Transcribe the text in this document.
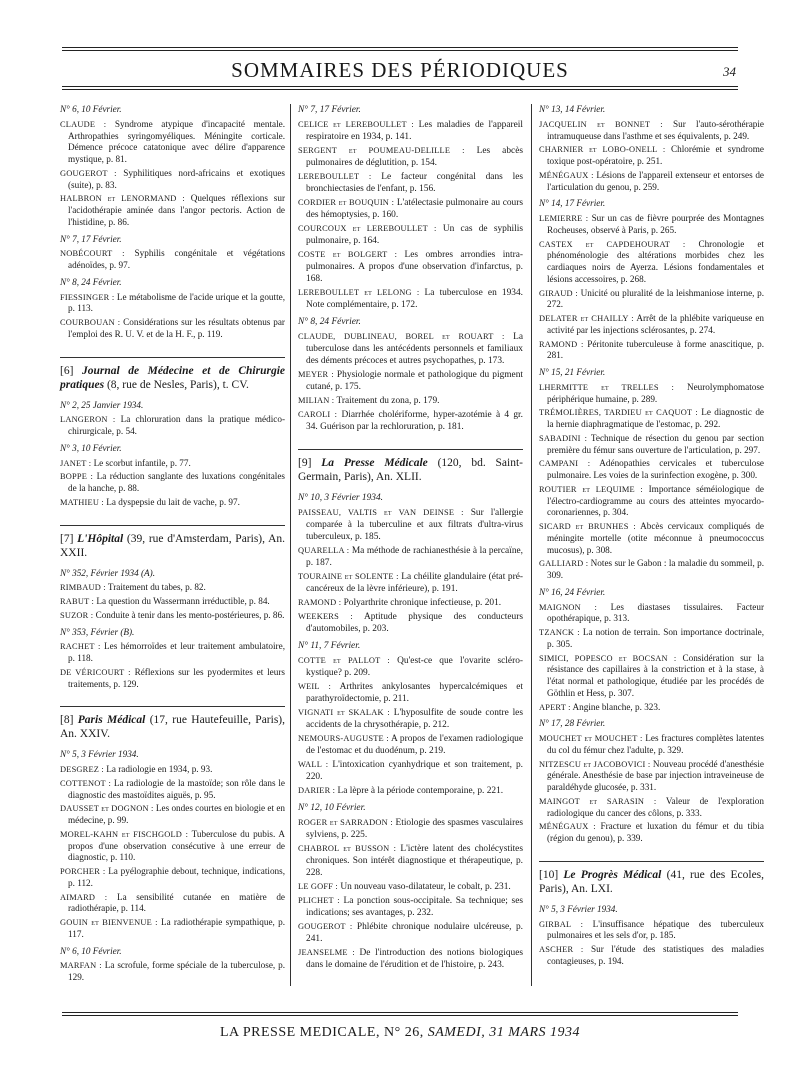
SOMMAIRES DES PÉRIODIQUES	34
N° 6, 10 Février.
CLAUDE : Syndrome atypique d'incapacité mentale. Arthropathies syringomyéliques. Méningite corticale. Démence précoce catatonique avec délire d'apparence mystique, p. 81.
GOUGEROT : Syphilitiques nord-africains et exotiques (suite), p. 83.
HALBRON et LENORMAND : Quelques réflexions sur l'acidothérapie aminée dans l'angor pectoris. Action de l'histidine, p. 86.
N° 7, 17 Février.
NOBÉCOURT : Syphilis congénitale et végétations adénoïdes, p. 97.
N° 8, 24 Février.
FIESSINGER : Le métabolisme de l'acide urique et la goutte, p. 113.
COURBOUAN : Considérations sur les résultats obtenus par l'emploi des R. U. V. et de la H. F., p. 119.
[6] Journal de Médecine et de Chirurgie pratiques (8, rue de Nesles, Paris), t. CV.
N° 2, 25 Janvier 1934.
LANGERON : La chloruration dans la pratique médico-chirurgicale, p. 54.
N° 3, 10 Février.
JANET : Le scorbut infantile, p. 77.
BOPPE : La réduction sanglante des luxations congénitales de la hanche, p. 88.
MATHIEU : La dyspepsie du lait de vache, p. 97.
[7] L'Hôpital (39, rue d'Amsterdam, Paris), An. XXII.
N° 352, Février 1934 (A).
RIMBAUD : Traitement du tabes, p. 82.
RABUT : La question du Wassermann irréductible, p. 84.
SUZOR : Conduite à tenir dans les mento-postérieures, p. 86.
N° 353, Février (B).
RACHET : Les hémorroïdes et leur traitement ambulatoire, p. 118.
DE VÉRICOURT : Réflexions sur les pyodermites et leurs traitements, p. 129.
[8] Paris Médical (17, rue Hautefeuille, Paris), An. XXIV.
N° 5, 3 Février 1934.
DESGREZ : La radiologie en 1934, p. 93.
COTTENOT : La radiologie de la mastoïde; son rôle dans le diagnostic des mastoïdites aiguës, p. 95.
DAUSSET et DOGNON : Les ondes courtes en biologie et en médecine, p. 99.
MOREL-KAHN et FISCHGOLD : Tuberculose du pubis. A propos d'une observation consécutive à une erreur de diagnostic, p. 110.
PORCHER : La pyélographie debout, technique, indications, p. 112.
AIMARD : La sensibilité cutanée en matière de radiothérapie, p. 114.
GOUIN et BIENVENUE : La radiothérapie sympathique, p. 117.
N° 6, 10 Février.
MARFAN : La scrofule, forme spéciale de la tuberculose, p. 129.
N° 7, 17 Février.
CELICE et LEREBOULLET : Les maladies de l'appareil respiratoire en 1934, p. 141.
SERGENT et POUMEAU-DELILLE : Les abcès pulmonaires de déglutition, p. 154.
LEREBOULLET : Le facteur congénital dans les bronchiectasies de l'enfant, p. 156.
CORDIER et BOUQUIN : L'atélectasie pulmonaire au cours des hémoptysies, p. 160.
COURCOUX et LEREBOULLET : Un cas de syphilis pulmonaire, p. 164.
COSTE et BOLGERT : Les ombres arrondies intra-pulmonaires. A propos d'une observation d'infarctus, p. 168.
LEREBOULLET et LELONG : La tuberculose en 1934. Note complémentaire, p. 172.
N° 8, 24 Février.
CLAUDE, DUBLINEAU, BOREL et ROUART : La tuberculose dans les antécédents personnels et familiaux des déments précoces et autres psychopathes, p. 173.
MEYER : Physiologie normale et pathologique du pigment cutané, p. 175.
MILIAN : Traitement du zona, p. 179.
CAROLI : Diarrhée cholériforme, hyper-azotémie à 4 gr. 34. Guérison par la rechloruration, p. 181.
[9] La Presse Médicale (120, bd. Saint-Germain, Paris), An. XLII.
N° 10, 3 Février 1934.
PAISSEAU, VALTIS et VAN DEINSE : Sur l'allergie comparée à la tuberculine et aux filtrats d'ultra-virus tuberculeux, p. 185.
QUARELLA : Ma méthode de rachianesthésie à la percaïne, p. 187.
TOURAINE et SOLENTE : La chéilite glandulaire (état pré-cancéreux de la lèvre inférieure), p. 191.
RAMOND : Polyarthrite chronique infectieuse, p. 201.
WEEKERS : Aptitude physique des conducteurs d'automobiles, p. 203.
N° 11, 7 Février.
COTTE et PALLOT : Qu'est-ce que l'ovarite scléro-kystique? p. 209.
WEIL : Arthrites ankylosantes hypercalcémiques et parathyroïdectomie, p. 211.
VIGNATI et SKALAK : L'hyposulfite de soude contre les accidents de la chrysothérapie, p. 212.
NEMOURS-AUGUSTE : A propos de l'examen radiologique de l'estomac et du duodénum, p. 219.
WALL : L'intoxication cyanhydrique et son traitement, p. 220.
DARIER : La lèpre à la période contemporaine, p. 221.
N° 12, 10 Février.
ROGER et SARRADON : Etiologie des spasmes vasculaires sylviens, p. 225.
CHABROL et BUSSON : L'ictère latent des cholécystites chroniques. Son intérêt diagnostique et thérapeutique, p. 228.
LE GOFF : Un nouveau vaso-dilatateur, le cobalt, p. 231.
PLICHET : La ponction sous-occipitale. Sa technique; ses indications; ses avantages, p. 232.
GOUGEROT : Phlébite chronique nodulaire ulcéreuse, p. 241.
JEANSELME : De l'introduction des notions biologiques dans le domaine de l'érudition et de l'histoire, p. 243.
N° 13, 14 Février.
JACQUELIN et BONNET : Sur l'auto-sérothérapie intramuqueuse dans l'asthme et ses équivalents, p. 249.
CHARNIER et LOBO-ONELL : Chlorémie et syndrome toxique post-opératoire, p. 251.
MÉNÉGAUX : Lésions de l'appareil extenseur et entorses de l'articulation du genou, p. 259.
N° 14, 17 Février.
LEMIERRE : Sur un cas de fièvre pourprée des Montagnes Rocheuses, observé à Paris, p. 265.
CASTEX et CAPDEHOURAT : Chronologie et phénoménologie des altérations morbides chez les cardiaques noirs de Ayerza. Lésions fondamentales et lésions accessoires, p. 268.
GIRAUD : Unicité ou pluralité de la leishmaniose interne, p. 272.
DELATER et CHAILLY : Arrêt de la phlébite variqueuse en activité par les injections sclérosantes, p. 274.
RAMOND : Péritonite tuberculeuse à forme anascitique, p. 281.
N° 15, 21 Février.
LHERMITTE et TRELLES : Neurolymphomatose périphérique humaine, p. 289.
TRÉMOLIÈRES, TARDIEU et CAQUOT : Le diagnostic de la hernie diaphragmatique de l'estomac, p. 292.
SABADINI : Technique de résection du genou par section première du fémur sans ouverture de l'articulation, p. 297.
CAMPANI : Adénopathies cervicales et tuberculose pulmonaire. Les voies de la surinfection exogène, p. 300.
ROUTIER et LEQUIME : Importance séméiologique de l'électro-cardiogramme au cours des atteintes myocardo-coronariennes, p. 304.
SICARD et BRUNHES : Abcès cervicaux compliqués de méningite mortelle (otite méconnue à pneumococcus mucosus), p. 308.
GALLIARD : Notes sur le Gabon : la maladie du sommeil, p. 309.
N° 16, 24 Février.
MAIGNON : Les diastases tissulaires. Facteur opothérapique, p. 313.
TZANCK : La notion de terrain. Son importance doctrinale, p. 305.
SIMICI, POPESCO et BOCSAN : Considération sur la résistance des capillaires à la constriction et à la stase, à l'état normal et pathologique, étudiée par les procédés de Göthlin et Hess, p. 307.
APERT : Angine blanche, p. 323.
N° 17, 28 Février.
MOUCHET et MOUCHET : Les fractures complètes latentes du col du fémur chez l'adulte, p. 329.
NITZESCU et JACOBOVICI : Nouveau procédé d'anesthésie générale. Anesthésie de base par injection intraveineuse de paraldéhyde glucosée, p. 331.
MAINGOT et SARASIN : Valeur de l'exploration radiologique du cancer des côlons, p. 333.
MÉNÉGAUX : Fracture et luxation du fémur et du tibia (région du genou), p. 339.
[10] Le Progrès Médical (41, rue des Ecoles, Paris), An. LXI.
N° 5, 3 Février 1934.
GIRBAL : L'insuffisance hépatique des tuberculeux pulmonaires et les sels d'or, p. 185.
ASCHER : Sur l'étude des statistiques des maladies contagieuses, p. 194.
LA PRESSE MEDICALE, N° 26, SAMEDI, 31 MARS 1934
